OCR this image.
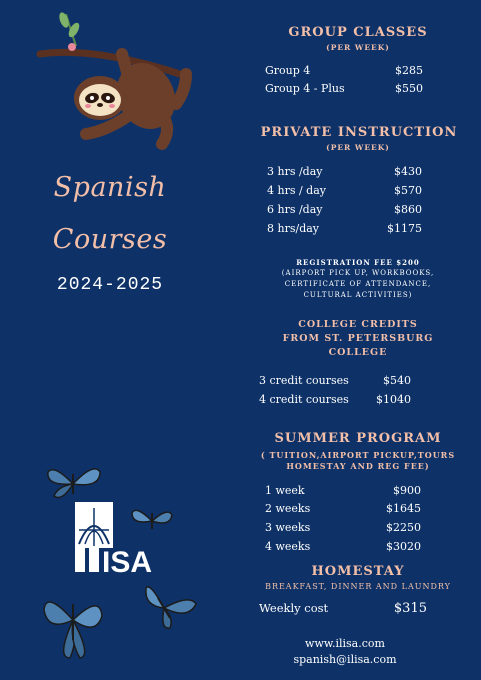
Spanish
Courses
2024-2025
ISA
GROUP CLASSES
(PER WEEK)
Group 4	$285
Group 4 - Plus	$550
PRIVATE INSTRUCTION
(PER WEEK)
3 hrs /day	$430
4 hrs / day	$570
6 hrs /day	$860
8 hrs/day	$1175
REGISTRATION FEE $200
(AIRPORT PICK UP, WORKBOOKS,
CERTIFICATE OF ATTENDANCE,
CULTURAL ACTIVITIES)
COLLEGE CREDITS
FROM ST. PETERSBURG
COLLEGE
3 credit courses	$540
4 credit courses $1040
SUMMER PROGRAM
( TUITION,AIRPORT PICKUP,TOURS
HOMESTAY AND REG FEE)
1 week	$900
2 weeks	$1645
3 weeks	$2250
4 weeks	$3020
HOMESTAY
BREAKFAST, DINNER AND LAUNDRY
Weekly cost	$315
www.ilisa.com
spanish@ilisa.com
